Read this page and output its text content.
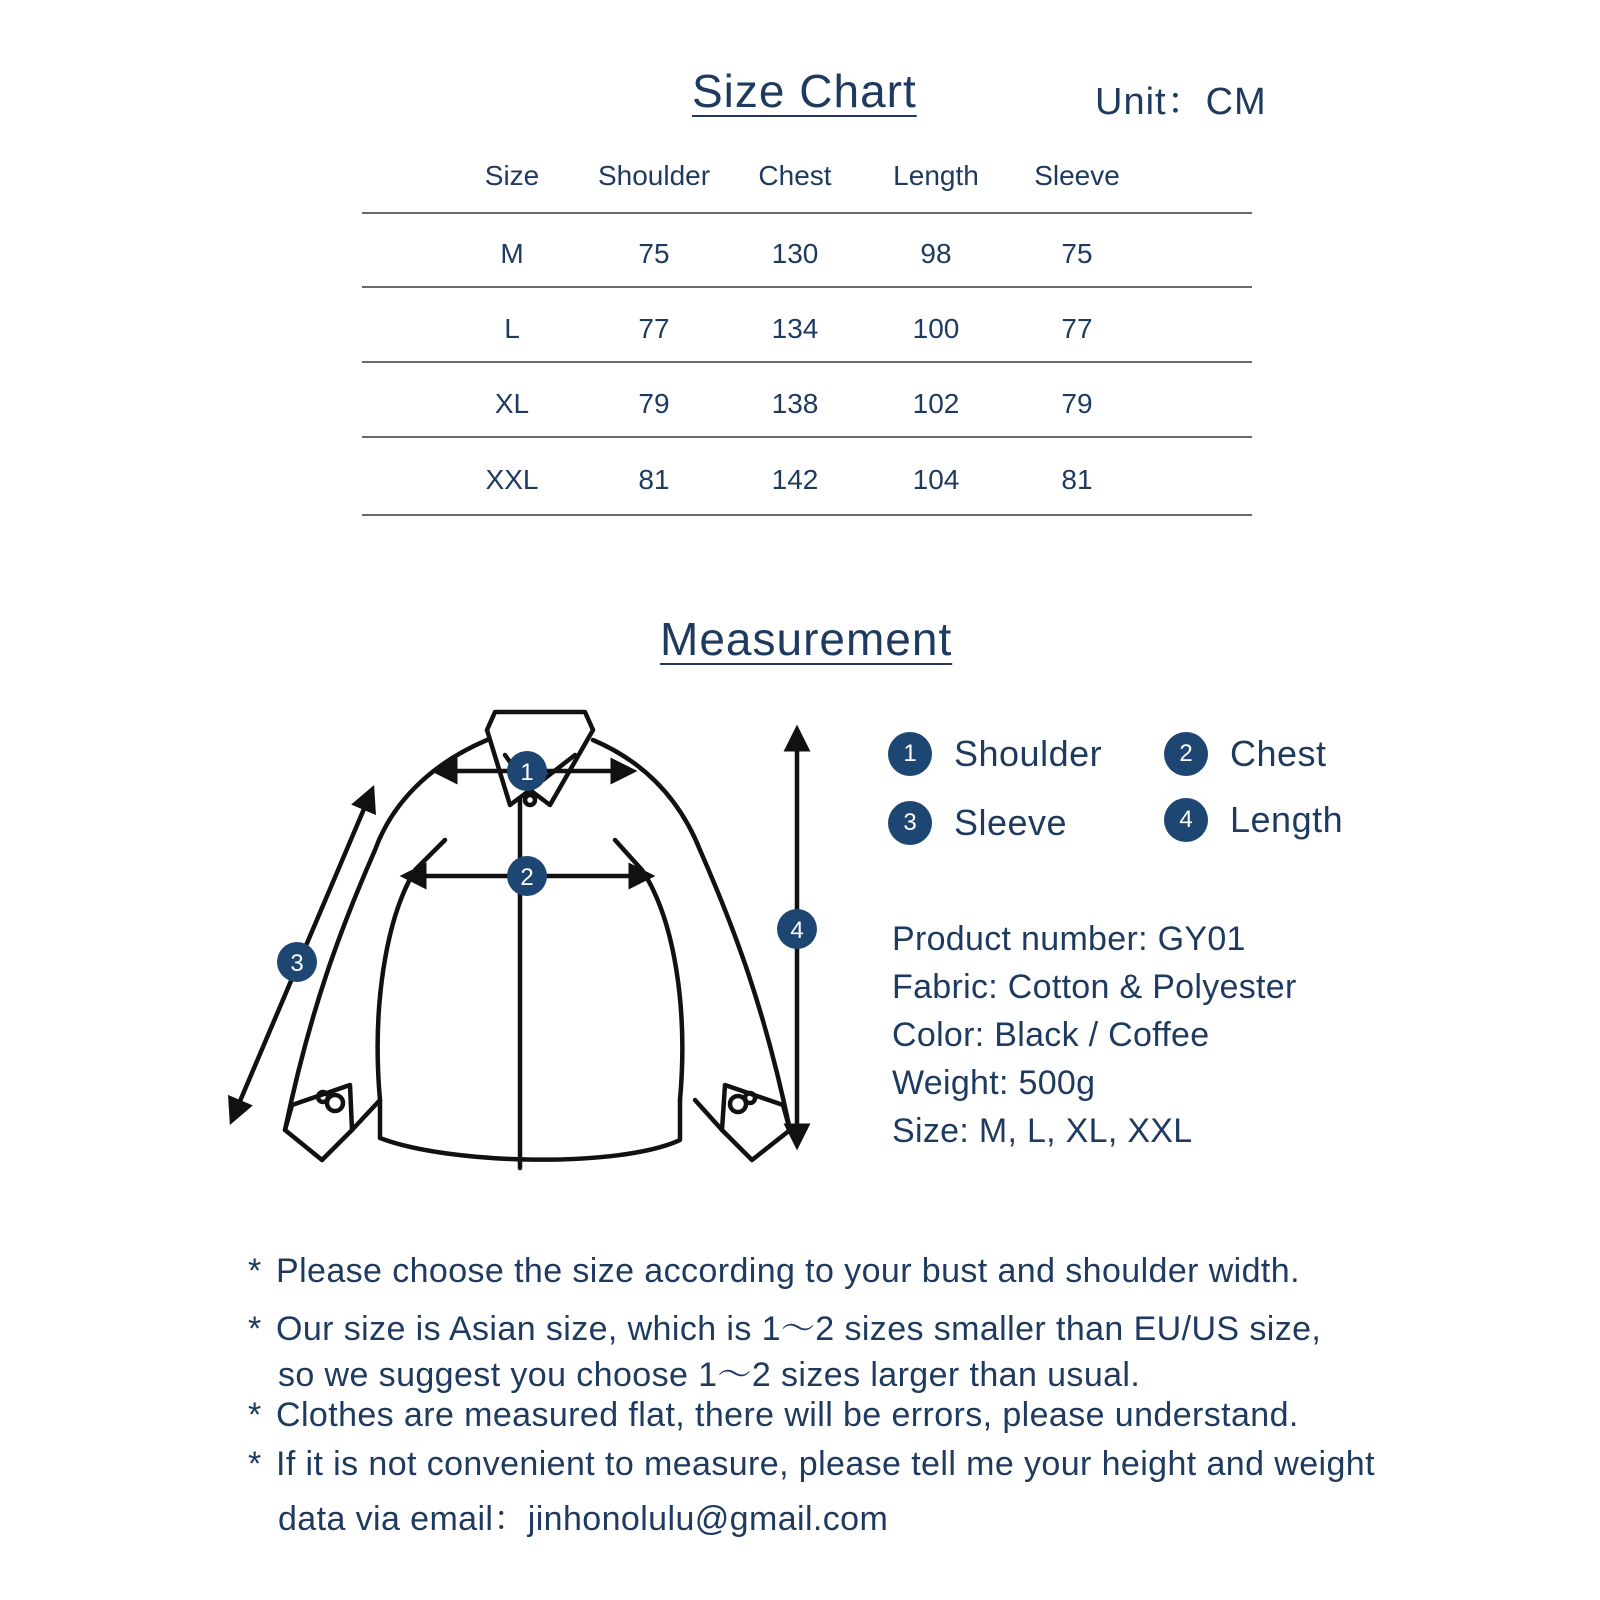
Size Chart	Unit：CM
Size	Shoulder	Chest	Length	Sleeve
M	75	130	98	75
L	77	134	100	77
XL	79	138	102	79
XXL	81	142	104	81
Measurement
1
2
3
4
1	Shoulder	2	Chest
3	Sleeve	4	Length
Product number: GY01
Fabric: Cotton & Polyester
Color: Black / Coffee
Weight: 500g
Size: M, L, XL, XXL
* Please choose the size according to your bust and shoulder width.
* Our size is Asian size, which is 1～2 sizes smaller than EU/US size,
so we suggest you choose 1～2 sizes larger than usual.
* Clothes are measured flat, there will be errors, please understand.
* If it is not convenient to measure, please tell me your height and weight
data via email：jinhonolulu@gmail.com
